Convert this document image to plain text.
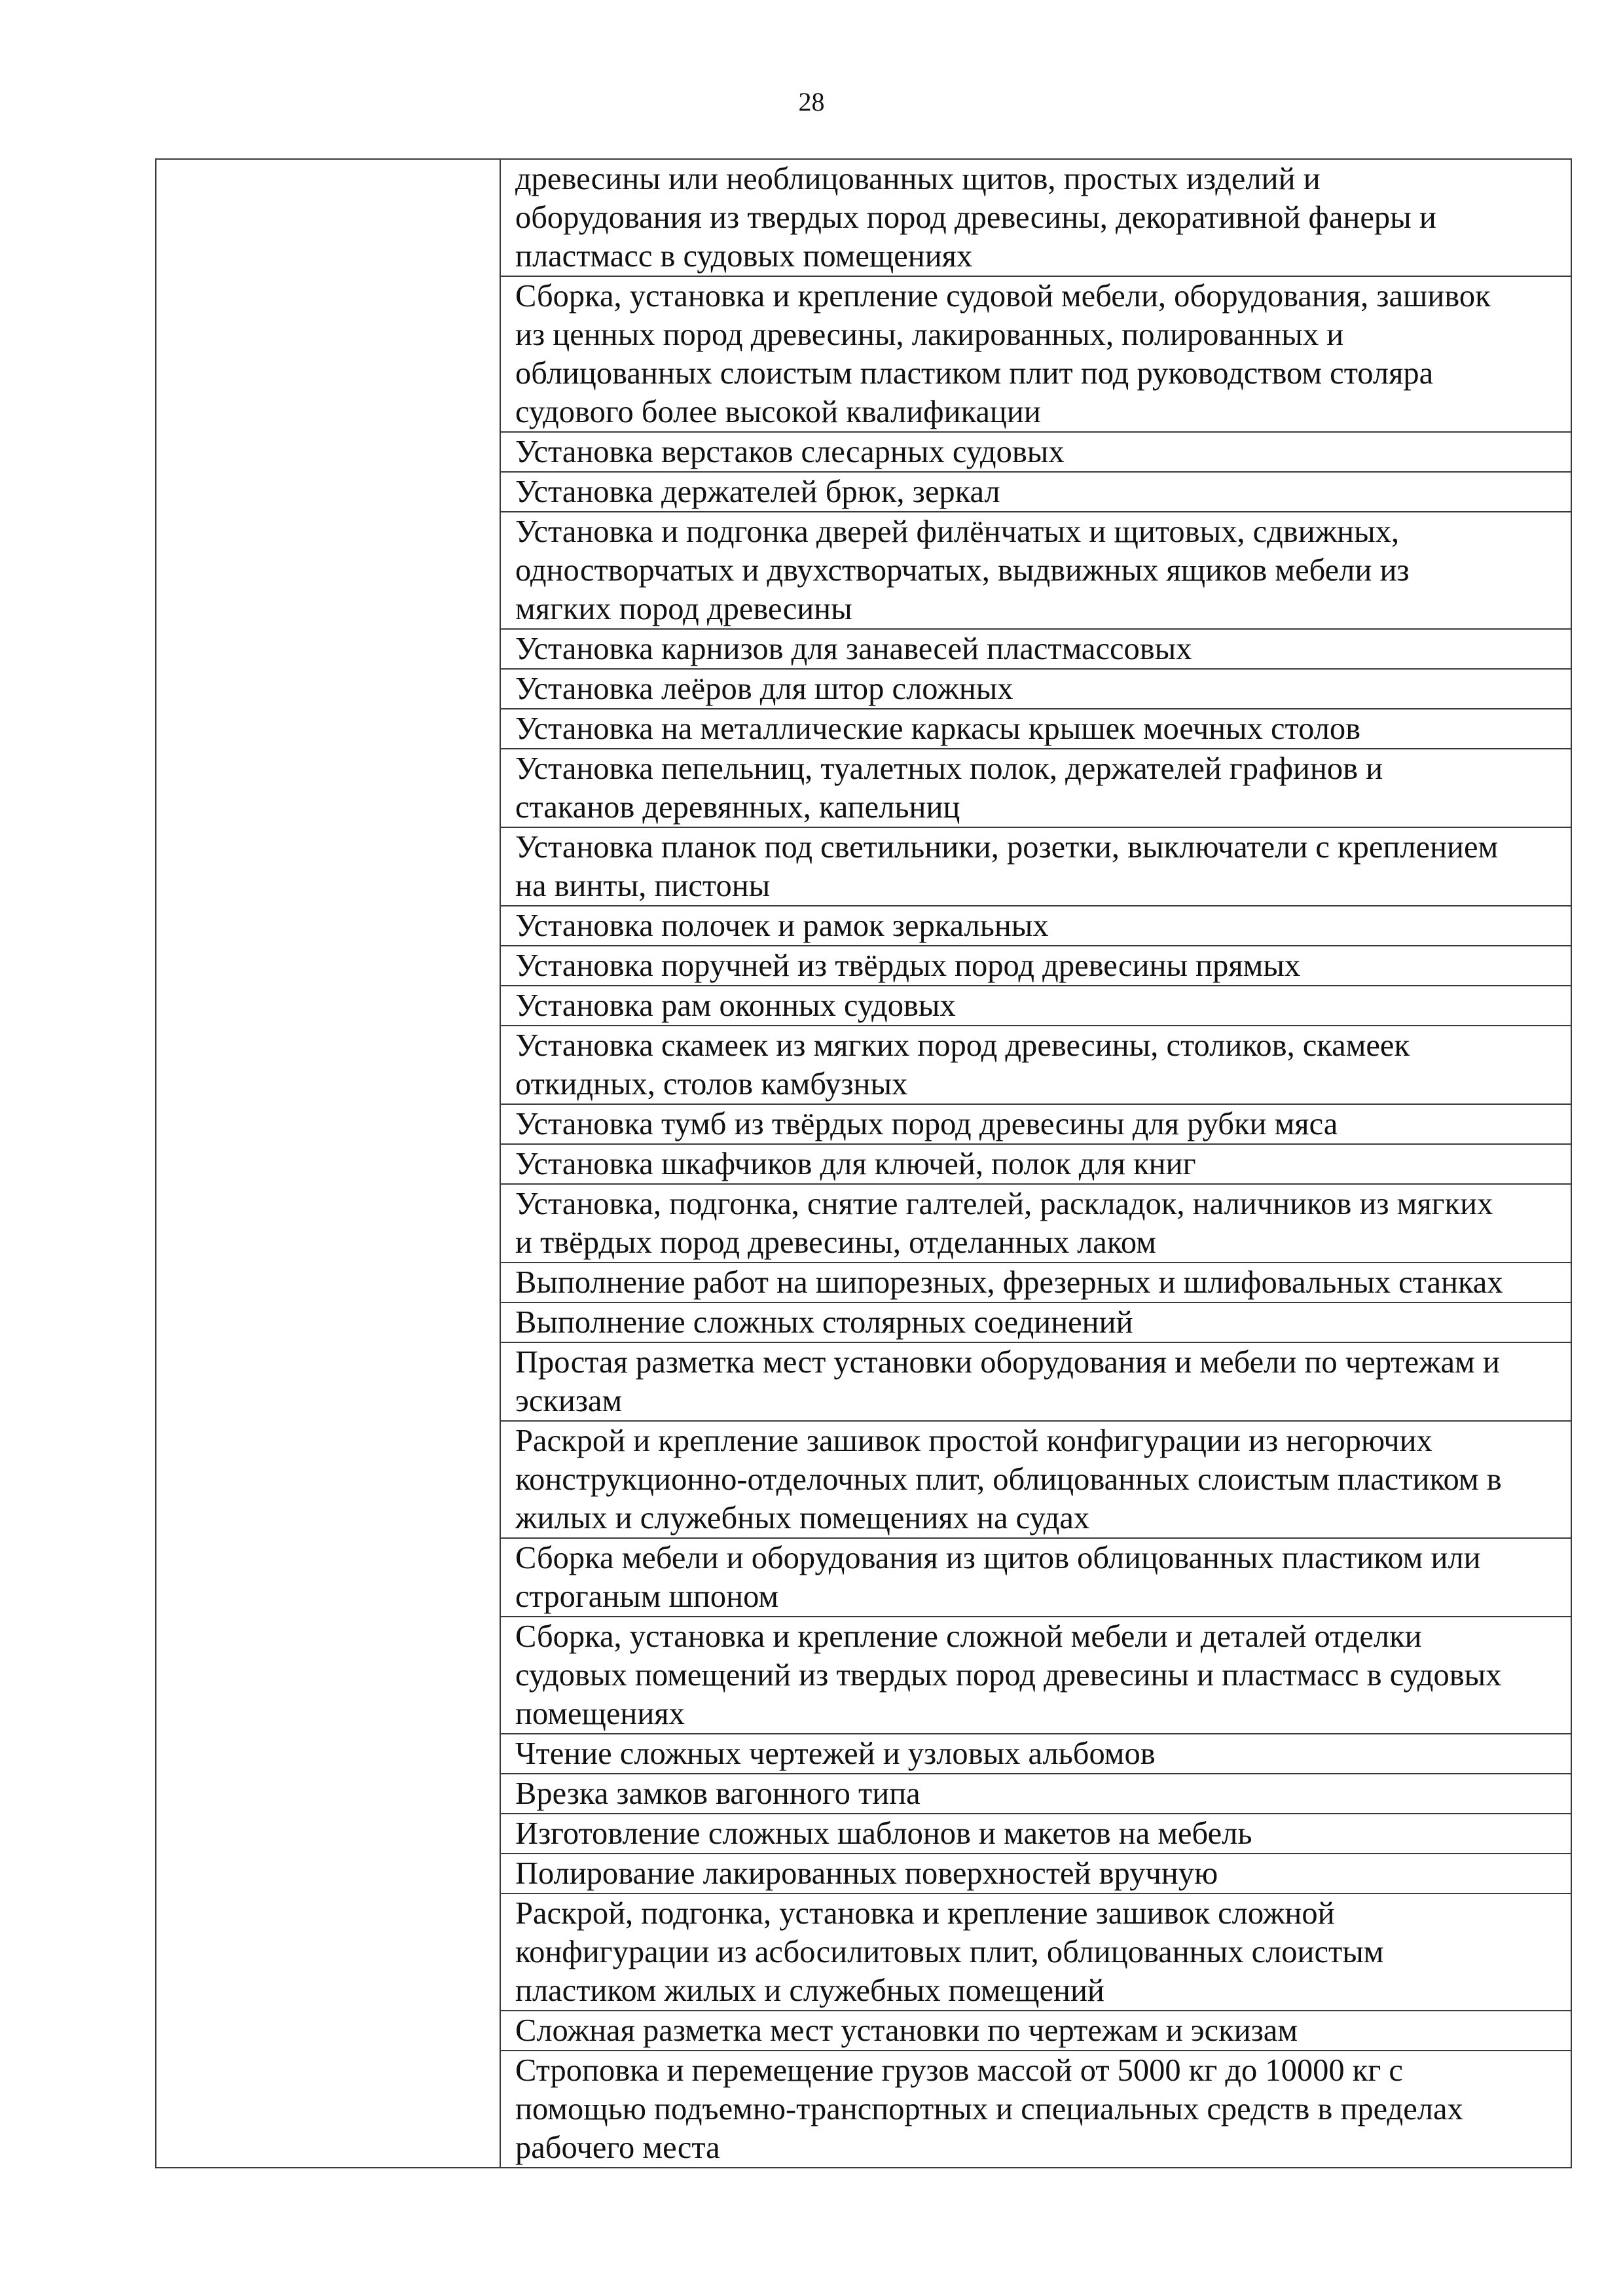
28

древесины или необлицованных щитов, простых изделий и
оборудования из твердых пород древесины, декоративной фанеры и
пластмасс в судовых помещениях

Сборка, установка и крепление судовой мебели, оборудования, зашивок
из ценных пород древесины, лакированных, полированных и
облицованных слоистым пластиком плит под руководством столяра
судового более высокой квалификации

Установка верстаков слесарных судовых

Установка держателей брюк, зеркал

Установка и подгонка дверей филёнчатых и щитовых, сдвижных,
одностворчатых и двухстворчатых, выдвижных ящиков мебели из
мягких пород древесины

Установка карнизов для занавесей пластмассовых

Установка леёров для штор сложных

Установка на металлические каркасы крышек моечных столов

Установка пепельниц, туалетных полок, держателей графинов и
стаканов деревянных, капельниц

Установка планок под светильники, розетки, выключатели с креплением
на винты, пистоны

Установка полочек и рамок зеркальных

Установка поручней из твёрдых пород древесины прямых

Установка рам оконных судовых

Установка скамеек из мягких пород древесины, столиков, скамеек
откидных, столов камбузных

Установка тумб из твёрдых пород древесины для рубки мяса

Установка шкафчиков для ключей, полок для книг

Установка, подгонка, снятие галтелей, раскладок, наличников из мягких
и твёрдых пород древесины, отделанных лаком

Выполнение работ на шипорезных, фрезерных и шлифовальных станках

Выполнение сложных столярных соединений

Простая разметка мест установки оборудования и мебели по чертежам и
эскизам

Раскрой и крепление зашивок простой конфигурации из негорючих
конструкционно-отделочных плит, облицованных слоистым пластиком в
жилых и служебных помещениях на судах

Сборка мебели и оборудования из щитов облицованных пластиком или
строганым шпоном

Сборка, установка и крепление сложной мебели и деталей отделки
судовых помещений из твердых пород древесины и пластмасс в судовых
помещениях

Чтение сложных чертежей и узловых альбомов

Врезка замков вагонного типа

Изготовление сложных шаблонов и макетов на мебель

Полирование лакированных поверхностей вручную

Раскрой, подгонка, установка и крепление зашивок сложной
конфигурации из асбосилитовых плит, облицованных слоистым
пластиком жилых и служебных помещений

Сложная разметка мест установки по чертежам и эскизам

Строповка и перемещение грузов массой от 5000 кг до 10000 кг с
помощью подъемно-транспортных и специальных средств в пределах
рабочего места
